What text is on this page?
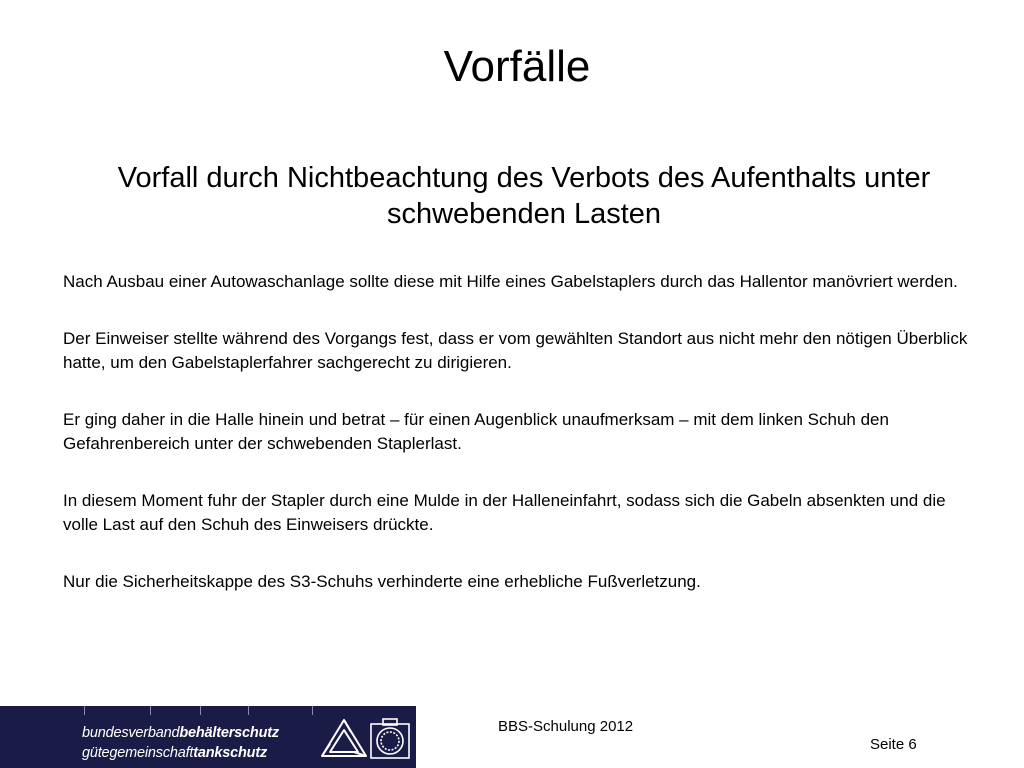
Vorfälle
Vorfall durch Nichtbeachtung des Verbots des Aufenthalts unter schwebenden Lasten

Nach Ausbau einer Autowaschanlage sollte diese mit Hilfe eines Gabelstaplers durch das Hallentor manövriert werden.

Der Einweiser stellte während des Vorgangs fest, dass er vom gewählten Standort aus nicht mehr den nötigen Überblick hatte, um den Gabelstaplerfahrer sachgerecht zu dirigieren.

Er ging daher in die Halle hinein und betrat – für einen Augenblick unaufmerksam – mit dem linken Schuh den Gefahrenbereich unter der schwebenden Staplerlast.

In diesem Moment fuhr der Stapler durch eine Mulde in der Halleneinfahrt, sodass sich die Gabeln absenkten und die volle Last auf den Schuh des Einweisers drückte.

Nur die Sicherheitskappe des S3-Schuhs verhinderte eine erhebliche Fußverletzung.

bundesverbandbehälterschutz
gütegemeinschafttankschutz
BBS-Schulung 2012
Seite 6
